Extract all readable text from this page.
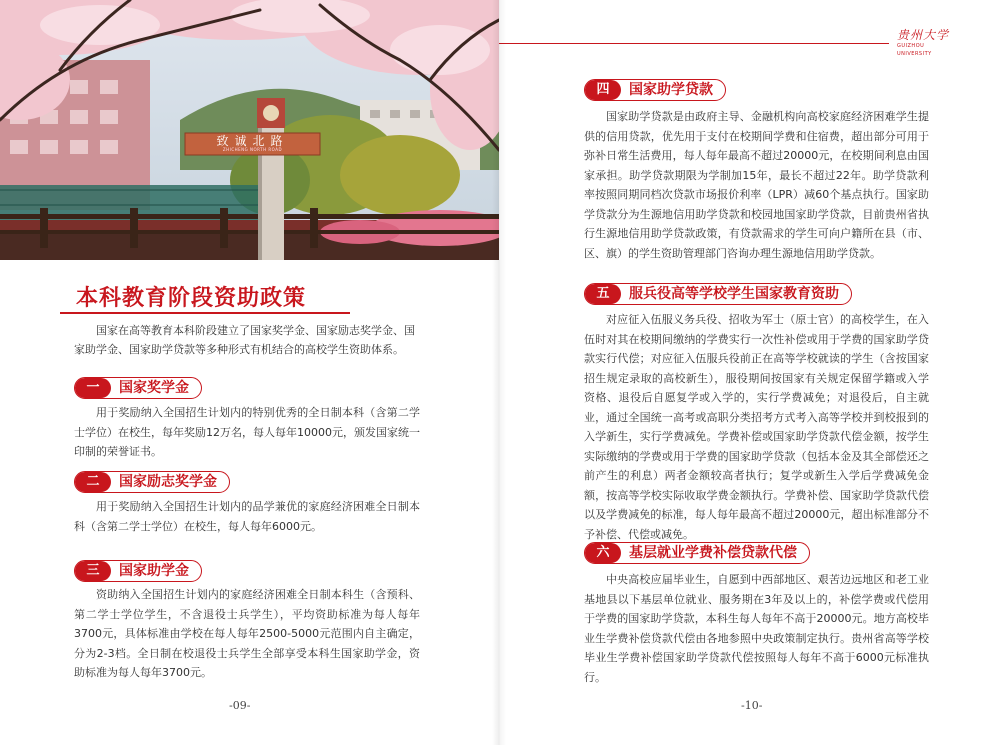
致诚北路
ZHICHENG NORTH ROAD
本科教育阶段资助政策

国家在高等教育本科阶段建立了国家奖学金、国家励志奖学金、国家助学金、国家助学贷款等多种形式有机结合的高校学生资助体系。

一	国家奖学金

用于奖励纳入全国招生计划内的特别优秀的全日制本科（含第二学士学位）在校生，每年奖励12万名，每人每年10000元，颁发国家统一印制的荣誉证书。

二	国家励志奖学金

用于奖励纳入全国招生计划内的品学兼优的家庭经济困难全日制本科（含第二学士学位）在校生，每人每年6000元。

三	国家助学金

资助纳入全国招生计划内的家庭经济困难全日制本科生（含预科、第二学士学位学生，不含退役士兵学生），平均资助标准为每人每年3700元，具体标准由学校在每人每年2500-5000元范围内自主确定，分为2-3档。全日制在校退役士兵学生全部享受本科生国家助学金，资助标准为每人每年3700元。

-09-
贵州大学
GUIZHOU UNIVERSITY
四	国家助学贷款

国家助学贷款是由政府主导、金融机构向高校家庭经济困难学生提供的信用贷款，优先用于支付在校期间学费和住宿费，超出部分可用于弥补日常生活费用，每人每年最高不超过20000元，在校期间利息由国家承担。助学贷款期限为学制加15年，最长不超过22年。助学贷款利率按照同期同档次贷款市场报价利率（LPR）减60个基点执行。国家助学贷款分为生源地信用助学贷款和校园地国家助学贷款，目前贵州省执行生源地信用助学贷款政策，有贷款需求的学生可向户籍所在县（市、区、旗）的学生资助管理部门咨询办理生源地信用助学贷款。

五	服兵役高等学校学生国家教育资助

对应征入伍服义务兵役、招收为军士（原士官）的高校学生，在入伍时对其在校期间缴纳的学费实行一次性补偿或用于学费的国家助学贷款实行代偿；对应征入伍服兵役前正在高等学校就读的学生（含按国家招生规定录取的高校新生），服役期间按国家有关规定保留学籍或入学资格、退役后自愿复学或入学的，实行学费减免；对退役后，自主就业，通过全国统一高考或高职分类招考方式考入高等学校并到校报到的入学新生，实行学费减免。学费补偿或国家助学贷款代偿金额，按学生实际缴纳的学费或用于学费的国家助学贷款（包括本金及其全部偿还之前产生的利息）两者金额较高者执行；复学或新生入学后学费减免金额，按高等学校实际收取学费金额执行。学费补偿、国家助学贷款代偿以及学费减免的标准，每人每年最高不超过20000元，超出标准部分不予补偿、代偿或减免。

六	基层就业学费补偿贷款代偿

中央高校应届毕业生，自愿到中西部地区、艰苦边远地区和老工业基地县以下基层单位就业、服务期在3年及以上的，补偿学费或代偿用于学费的国家助学贷款，本科生每人每年不高于20000元。地方高校毕业生学费补偿贷款代偿由各地参照中央政策制定执行。贵州省高等学校毕业生学费补偿国家助学贷款代偿按照每人每年不高于6000元标准执行。

-10-
